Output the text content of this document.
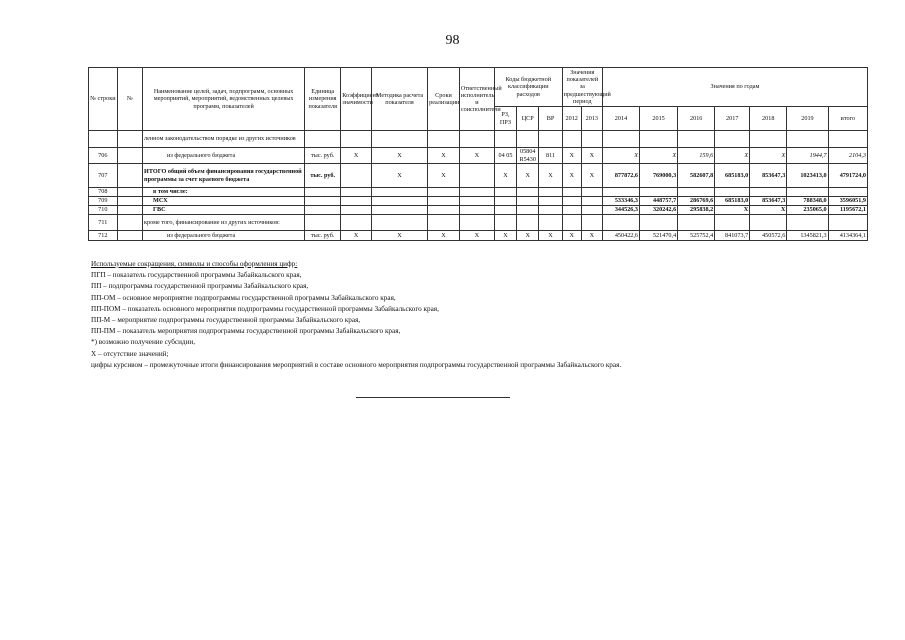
98
№ строки	№	Наименование целей, задач, подпрограмм, основных мероприятий, мероприятий, ведомственных целевых программ, показателей	Единица измерения показателя	Коэффициент значимости	Методика расчета показателя	Сроки реализации	Ответственный исполнитель и соисполнители	Коды бюджетной классификации расходов			Значения показателей за предшествующий период		Значения по годам						
								РЗ, ПРЗ	ЦСР	ВР	2012	2013	2014	2015	2016	2017	2018	2019	итого
		ленном законодательством порядке из других источников																	
706		из федерального бюджета	тыс. руб.	Х	Х	Х	Х	04 05	05804 R5430	811	Х	Х	Х	Х	159,6	Х	Х	1944,7	2104,3
707		ИТОГО общий объем финансирования государственной программы за счет краевого бюджета	тыс. руб.		Х	Х		Х	Х	Х	Х	Х	877872,6	769000,3	582607,8	685183,0	853647,3	1023413,0	4791724,0
708		в том числе:																	
709		МСХ											533346,3	448757,7	286769,6	685183,0	853647,3	788348,0	3596051,9
710		ГВС											344526,3	320242,6	295838,2	Х	Х	235065,0	1195672,1
711		кроме того, финансирование из других источников:																	
712		из федерального бюджета	тыс. руб.	Х	Х	Х	Х	Х	Х	Х	Х	Х	450422,6	521470,4	525752,4	841073,7	450572,6	1345821,3	4134364,1
Используемые сокращения, символы и способы оформления цифр:
ПГП – показатель государственной программы Забайкальского края,
ПП – подпрограмма государственной программы Забайкальского края,
ПП-ОМ – основное мероприятие подпрограммы государственной программы Забайкальского края,
ПП-ПОМ – показатель основного мероприятия подпрограммы государственной программы Забайкальского края,
ПП-М – мероприятие подпрограммы государственной программы Забайкальского края,
ПП-ПМ – показатель мероприятия подпрограммы государственной программы Забайкальского края,
*) возможно получение субсидии,
Х – отсутствие значений;
цифры курсивом – промежуточные итоги финансирования мероприятий в составе основного мероприятия подпрограммы государственной программы Забайкальского края.
